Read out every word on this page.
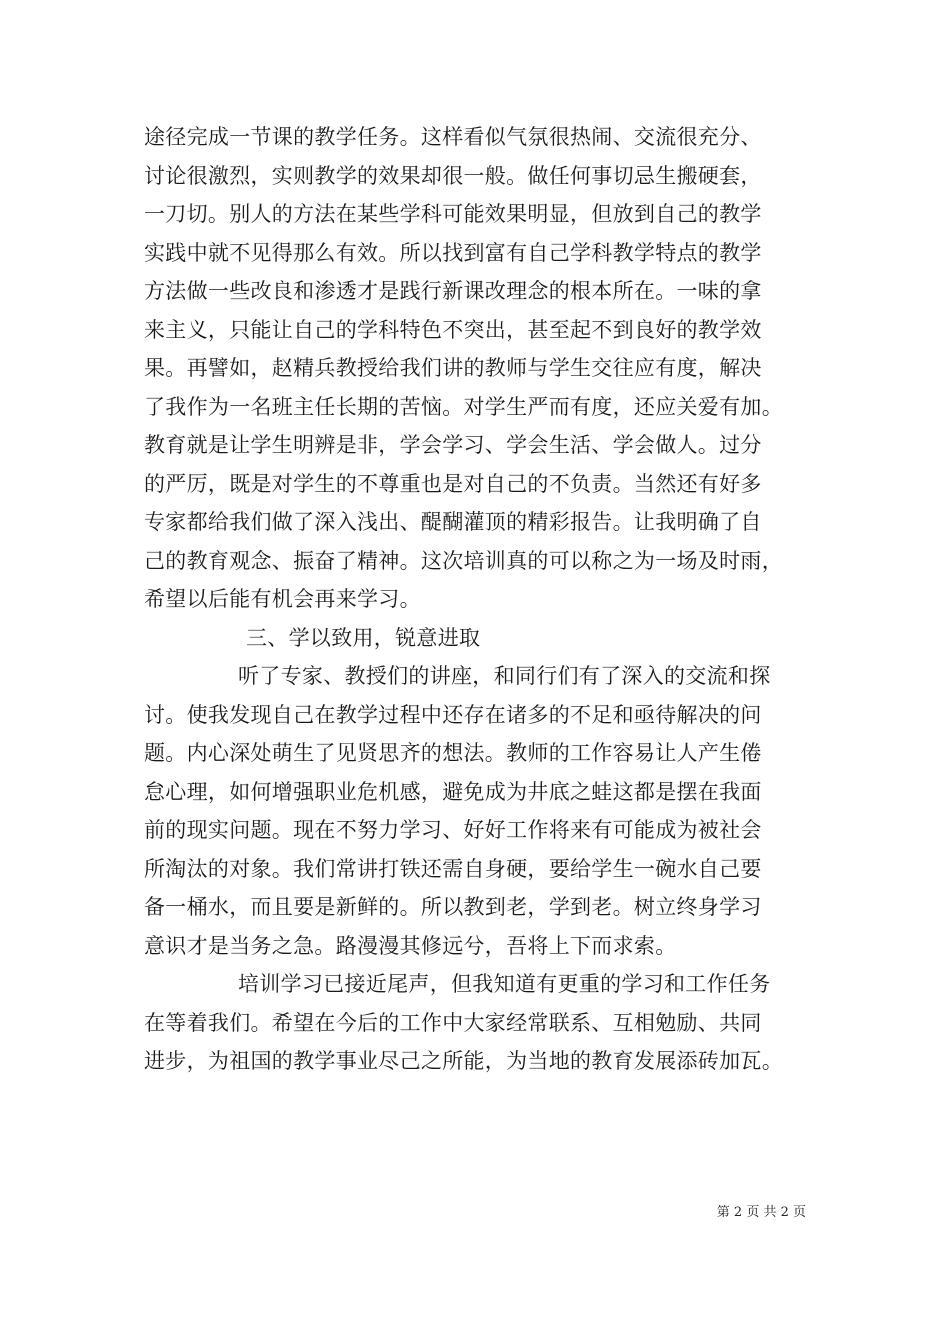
途径完成一节课的教学任务。这样看似气氛很热闹、交流很充分、
讨论很激烈，实则教学的效果却很一般。做任何事切忌生搬硬套，
一刀切。别人的方法在某些学科可能效果明显，但放到自己的教学
实践中就不见得那么有效。所以找到富有自己学科教学特点的教学
方法做一些改良和渗透才是践行新课改理念的根本所在。一味的拿
来主义，只能让自己的学科特色不突出，甚至起不到良好的教学效
果。再譬如，赵精兵教授给我们讲的教师与学生交往应有度，解决
了我作为一名班主任长期的苦恼。对学生严而有度，还应关爱有加。
教育就是让学生明辨是非，学会学习、学会生活、学会做人。过分
的严厉，既是对学生的不尊重也是对自己的不负责。当然还有好多
专家都给我们做了深入浅出、醍醐灌顶的精彩报告。让我明确了自
己的教育观念、振奋了精神。这次培训真的可以称之为一场及时雨，
希望以后能有机会再来学习。
三、学以致用，锐意进取
听了专家、教授们的讲座，和同行们有了深入的交流和探
讨。使我发现自己在教学过程中还存在诸多的不足和亟待解决的问
题。内心深处萌生了见贤思齐的想法。教师的工作容易让人产生倦
怠心理，如何增强职业危机感，避免成为井底之蛙这都是摆在我面
前的现实问题。现在不努力学习、好好工作将来有可能成为被社会
所淘汰的对象。我们常讲打铁还需自身硬，要给学生一碗水自己要
备一桶水，而且要是新鲜的。所以教到老，学到老。树立终身学习
意识才是当务之急。路漫漫其修远兮，吾将上下而求索。
培训学习已接近尾声，但我知道有更重的学习和工作任务
在等着我们。希望在今后的工作中大家经常联系、互相勉励、共同
进步，为祖国的教学事业尽己之所能，为当地的教育发展添砖加瓦。
第 2 页 共 2 页
